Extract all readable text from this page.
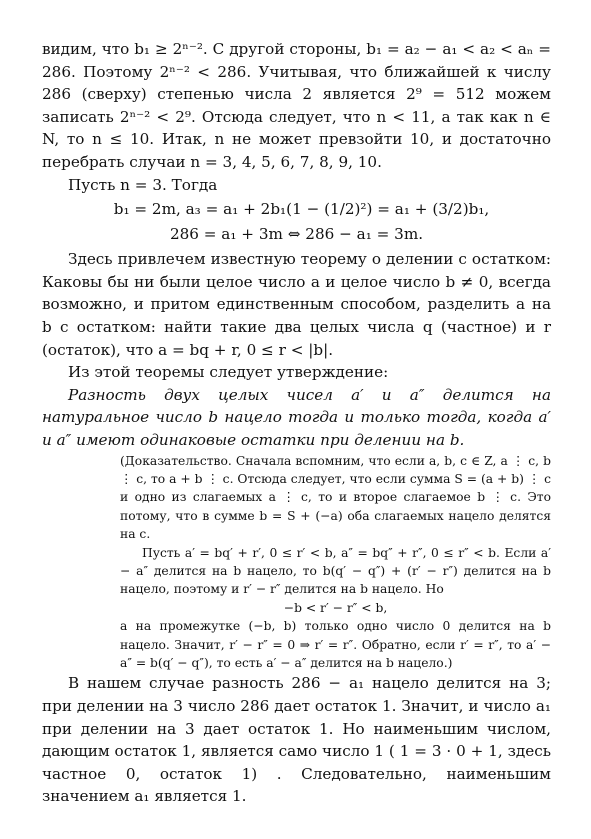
видим, что b₁ ≥ 2ⁿ⁻². С другой стороны, b₁ = a₂ − a₁ < a₂ < aₙ = 286. Поэтому 2ⁿ⁻² < 286. Учитывая, что ближайшей к числу 286 (сверху) степенью числа 2 является 2⁹ = 512 можем записать 2ⁿ⁻² < 2⁹. Отсюда следует, что n < 11, а так как n ∈ N, то n ≤ 10. Итак, n не может превзойти 10, и достаточно перебрать случаи n = 3, 4, 5, 6, 7, 8, 9, 10.

Пусть n = 3. Тогда

b₁ = 2m, a₃ = a₁ + 2b₁(1 − (1/2)²) = a₁ + (3/2)b₁,

286 = a₁ + 3m ⇔ 286 − a₁ = 3m.

Здесь привлечем известную теорему о делении с остатком: Каковы бы ни были целое число a и целое число b ≠ 0, всегда возможно, и притом единственным способом, разделить a на b с остатком: найти такие два целых числа q (частное) и r (остаток), что a = bq + r, 0 ≤ r < |b|.

Из этой теоремы следует утверждение:

Разность двух целых чисел a′ и a″ делится на натуральное число b нацело тогда и только тогда, когда a′ и a″ имеют одинаковые остатки при делении на b.

(Доказательство. Сначала вспомним, что если a, b, c ∈ Z, a ⋮ c, b ⋮ c, то a + b ⋮ c. Отсюда следует, что если сумма S = (a + b) ⋮ c и одно из слагаемых a ⋮ c, то и второе слагаемое b ⋮ c. Это потому, что в сумме b = S + (−a) оба слагаемых нацело делятся на c.

Пусть a′ = bq′ + r′, 0 ≤ r′ < b, a″ = bq″ + r″, 0 ≤ r″ < b. Если a′ − a″ делится на b нацело, то b(q′ − q″) + (r′ − r″) делится на b нацело, поэтому и r′ − r″ делится на b нацело. Но

−b < r′ − r″ < b,

а на промежутке (−b, b) только одно число 0 делится на b нацело. Значит, r′ − r″ = 0 ⇒ r′ = r″. Обратно, если r′ = r″, то a′ − a″ = b(q′ − q″), то есть a′ − a″ делится на b нацело.)

В нашем случае разность 286 − a₁ нацело делится на 3; при делении на 3 число 286 дает остаток 1. Значит, и число a₁ при делении на 3 дает остаток 1. Но наименьшим числом, дающим остаток 1, является само число 1 ( 1 = 3 · 0 + 1, здесь частное 0, остаток 1) . Следовательно, наименьшим значением a₁ является 1.
